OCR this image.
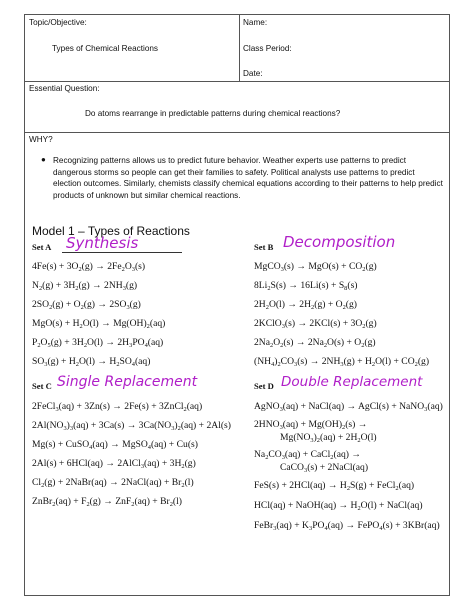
Topic/Objective:
Types of Chemical Reactions
Name:
Class Period:
Date:
Essential Question:
Do atoms rearrange in predictable patterns during chemical reactions?
WHY?
● Recognizing patterns allows us to predict future behavior. Weather experts use patterns to predict dangerous storms so people can get their families to safety. Political analysts use patterns to predict election outcomes. Similarly, chemists classify chemical equations according to their patterns to help predict products of unknown but similar chemical reactions.
Model 1 – Types of Reactions
Set A Synthesis
$4Fe(s) + 3O_2(g) \to 2Fe_2O_3(s)$
$N_2(g) + 3H_2(g) \to 2NH_3(g)$
$2SO_2(g) + O_2(g) \to 2SO_3(g)$
$MgO(s) + H_2O(l) \to Mg(OH)_2(aq)$
$P_2O_5(g) + 3H_2O(l) \to 2H_3PO_4(aq)$
$SO_3(g) + H_2O(l) \to H_2SO_4(aq)$
Set B Decomposition
MgCO$_3$(s) → $MgO(s) + CO_2(g)$
$8Li_2S(s) \to 16Li(s) + S_8(s)$
$2H_2O(l) \to 2H_2(g) + O_2(g)$
2KClO$_3$(s) → $2KCl(s) + 3O_2(g)$
$2Na_2O_2(s) \to 2Na_2O(s) + O_2(g)$
$(NH_4)_2CO_3(s) \to 2NH_3(g) + H_2O(l) + CO_2(g)$
Set C Single Replacement
2FeCl$_3$(aq) + 3Zn(s) → 2Fe(s) + 3ZnCl$_2$(aq)
$2Al(NO_3)_3(aq) + 3Ca(s) \to 3Ca(NO_3)_2(aq) + 2Al(s)$
Mg(s) + CuSO$_4$(aq) → MgSO$_4$(aq) + Cu(s)
2Al(s) + 6HCl(aq) → 2AlCl$_3$(aq) + $3H_2(g)$
$Cl_2(g)$ + 2NaBr(aq) → 2NaCl(aq) + $Br_2(l)$
ZnBr$_2$(aq) + $F_2(g) \to ZnF_2(aq) + Br_2(l)$
Set D Double Replacement
AgNO$_3$(aq) + NaCl(aq) → AgCl(s) + NaNO$_3$(aq)
$2HNO_3(aq) + Mg(OH)_2(s)$ →
$Mg(NO_3)_2(aq) + 2H_2O(l)$
$Na_2CO_3(aq)$ + CaCl$_2$(aq) →
CaCO$_3$(s) + 2NaCl(aq)
$FeS(s) + 2HCl(aq) \to H_2S(g)$ + FeCl$_2$(aq)
HCl(aq) + NaOH(aq) → $H_2O(l)$ + NaCl(aq)
FeBr$_3$(aq) + $K_3PO_4(aq)$ → FePO$_4$(s) + 3KBr(aq)
